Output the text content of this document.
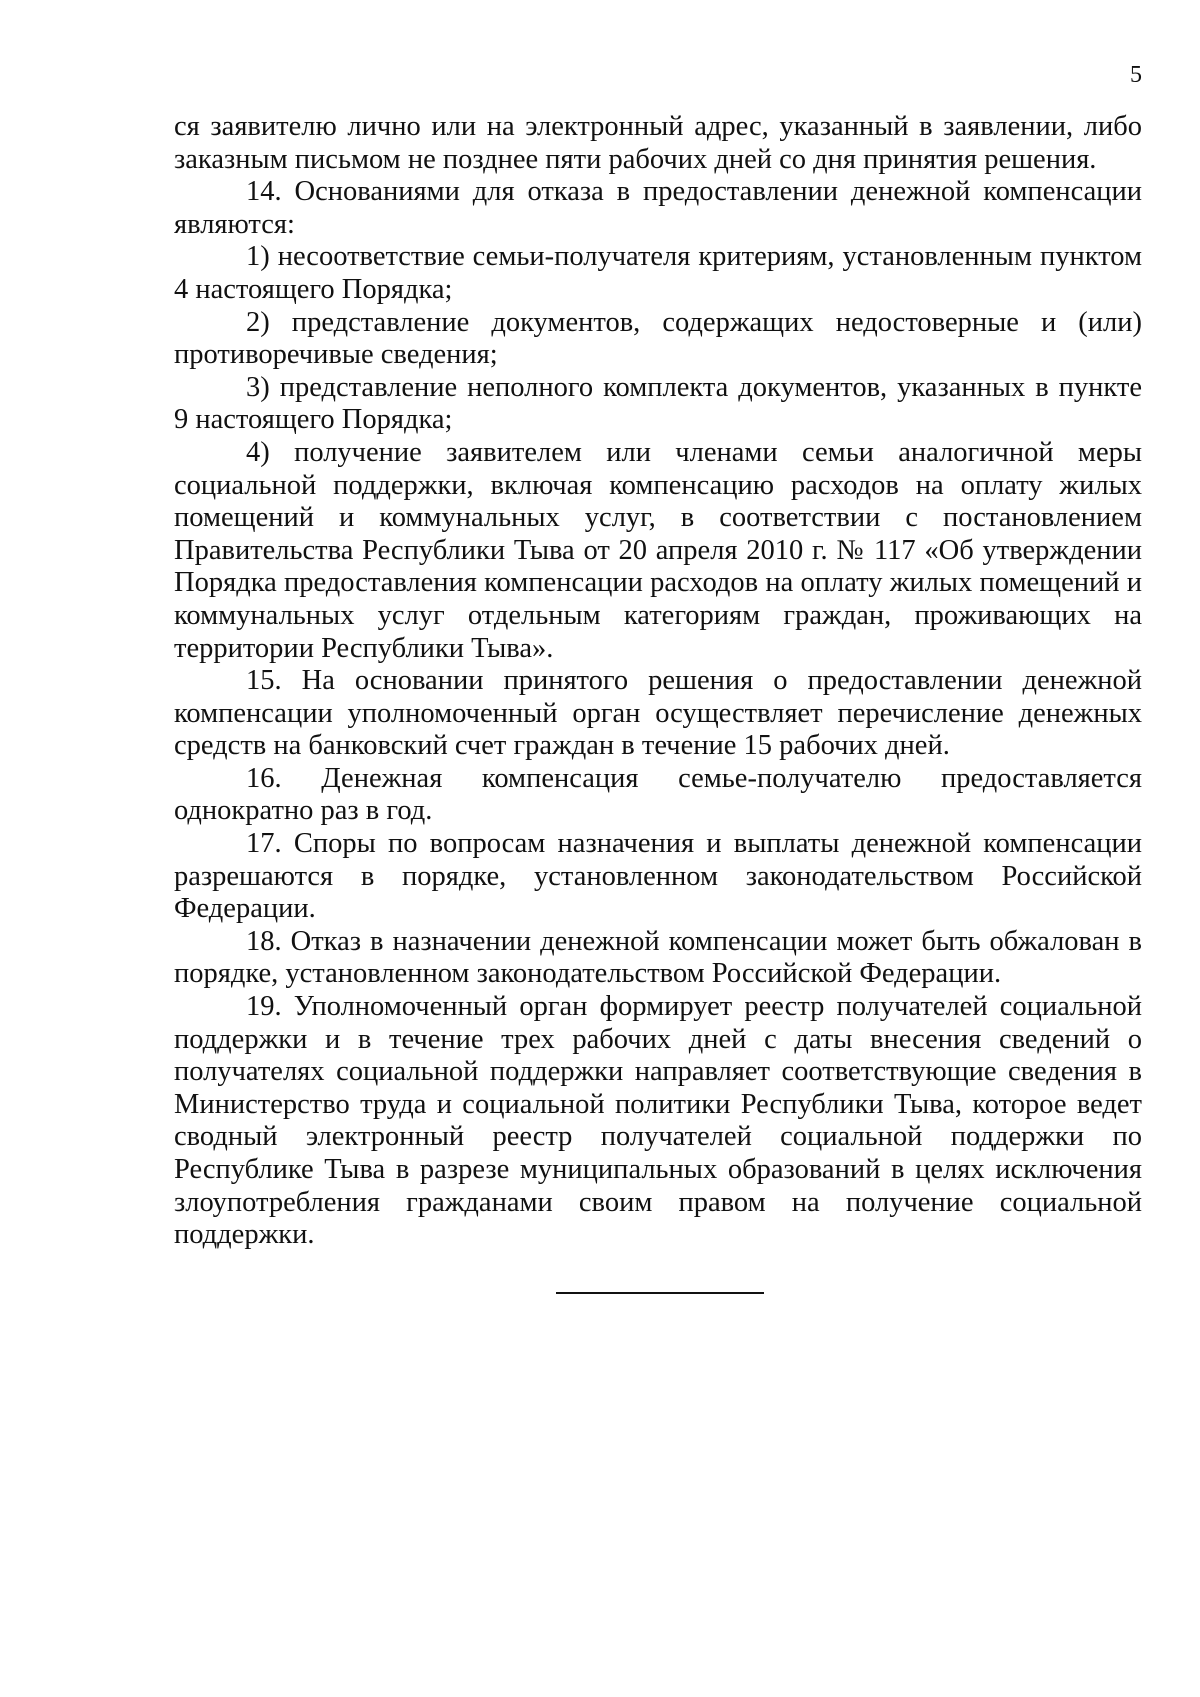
5

ся заявителю лично или на электронный адрес, указанный в заявлении, либо заказным письмом не позднее пяти рабочих дней со дня принятия решения.

14. Основаниями для отказа в предоставлении денежной компенсации являются:

1) несоответствие семьи-получателя критериям, установленным пунктом 4 настоящего Порядка;

2) представление документов, содержащих недостоверные и (или) противоречивые сведения;

3) представление неполного комплекта документов, указанных в пункте 9 настоящего Порядка;

4) получение заявителем или членами семьи аналогичной меры социальной поддержки, включая компенсацию расходов на оплату жилых помещений и коммунальных услуг, в соответствии с постановлением Правительства Республики Тыва от 20 апреля 2010 г. № 117 «Об утверждении Порядка предоставления компенсации расходов на оплату жилых помещений и коммунальных услуг отдельным категориям граждан, проживающих на территории Республики Тыва».

15. На основании принятого решения о предоставлении денежной компенсации уполномоченный орган осуществляет перечисление денежных средств на банковский счет граждан в течение 15 рабочих дней.

16. Денежная компенсация семье-получателю предоставляется однократно раз в год.

17. Споры по вопросам назначения и выплаты денежной компенсации разрешаются в порядке, установленном законодательством Российской Федерации.

18. Отказ в назначении денежной компенсации может быть обжалован в порядке, установленном законодательством Российской Федерации.

19. Уполномоченный орган формирует реестр получателей социальной поддержки и в течение трех рабочих дней с даты внесения сведений о получателях социальной поддержки направляет соответствующие сведения в Министерство труда и социальной политики Республики Тыва, которое ведет сводный электронный реестр получателей социальной поддержки по Республике Тыва в разрезе муниципальных образований в целях исключения злоупотребления гражданами своим правом на получение социальной поддержки.
